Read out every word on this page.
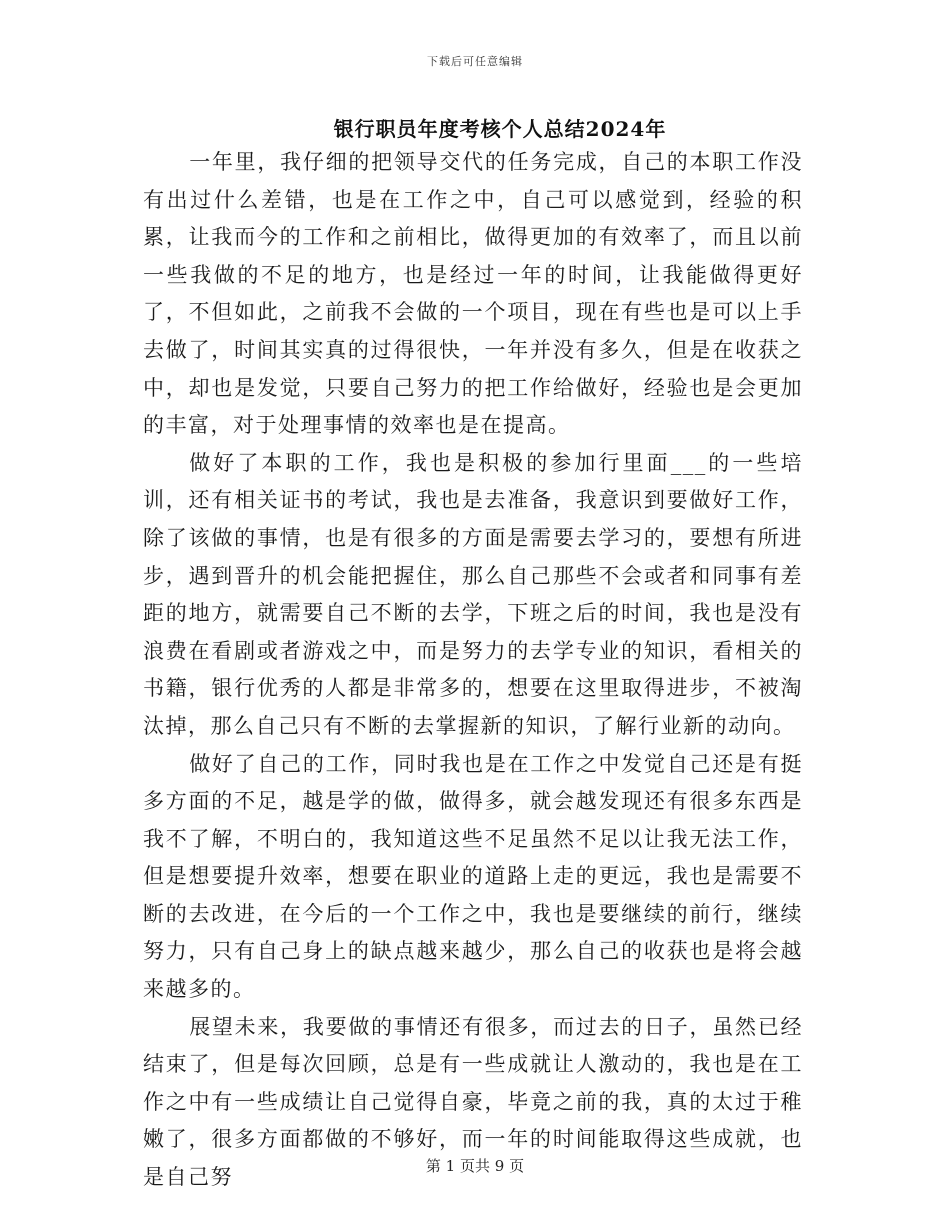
下载后可任意编辑
银行职员年度考核个人总结2024年

一年里，我仔细的把领导交代的任务完成，自己的本职工作没有出过什么差错，也是在工作之中，自己可以感觉到，经验的积累，让我而今的工作和之前相比，做得更加的有效率了，而且以前一些我做的不足的地方，也是经过一年的时间，让我能做得更好了，不但如此，之前我不会做的一个项目，现在有些也是可以上手去做了，时间其实真的过得很快，一年并没有多久，但是在收获之中，却也是发觉，只要自己努力的把工作给做好，经验也是会更加的丰富，对于处理事情的效率也是在提高。

做好了本职的工作，我也是积极的参加行里面___的一些培训，还有相关证书的考试，我也是去准备，我意识到要做好工作，除了该做的事情，也是有很多的方面是需要去学习的，要想有所进步，遇到晋升的机会能把握住，那么自己那些不会或者和同事有差距的地方，就需要自己不断的去学，下班之后的时间，我也是没有浪费在看剧或者游戏之中，而是努力的去学专业的知识，看相关的书籍，银行优秀的人都是非常多的，想要在这里取得进步，不被淘汰掉，那么自己只有不断的去掌握新的知识，了解行业新的动向。

做好了自己的工作，同时我也是在工作之中发觉自己还是有挺多方面的不足，越是学的做，做得多，就会越发现还有很多东西是我不了解，不明白的，我知道这些不足虽然不足以让我无法工作，但是想要提升效率，想要在职业的道路上走的更远，我也是需要不断的去改进，在今后的一个工作之中，我也是要继续的前行，继续努力，只有自己身上的缺点越来越少，那么自己的收获也是将会越来越多的。

展望未来，我要做的事情还有很多，而过去的日子，虽然已经结束了，但是每次回顾，总是有一些成就让人激动的，我也是在工作之中有一些成绩让自己觉得自豪，毕竟之前的我，真的太过于稚嫩了，很多方面都做的不够好，而一年的时间能取得这些成就，也是自己努	第 1 页共 9 页
